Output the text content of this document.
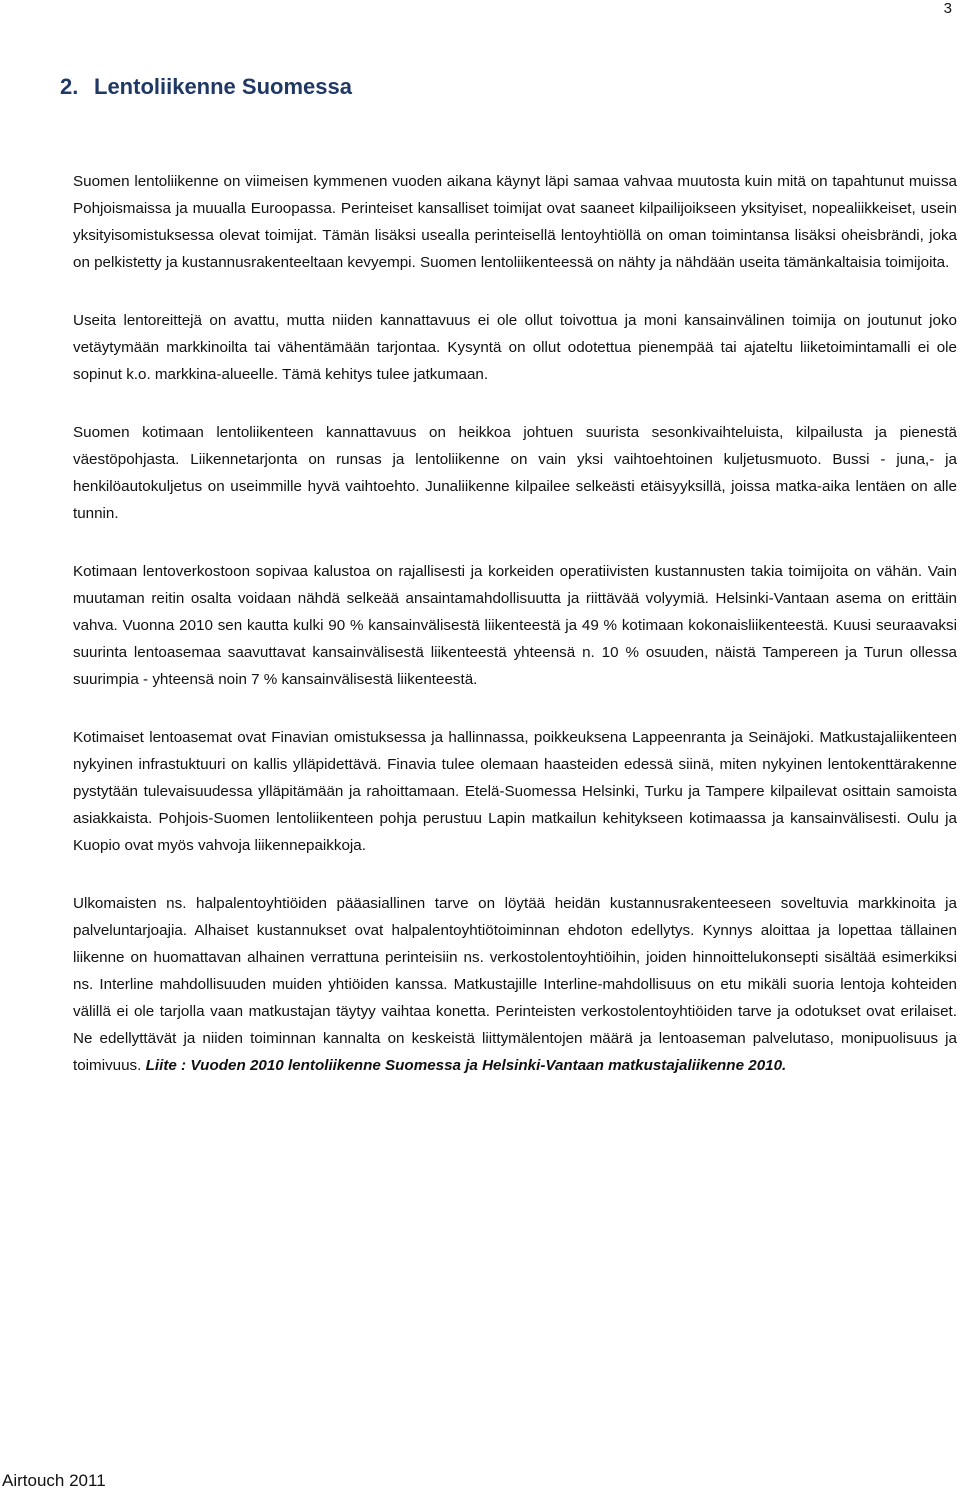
3
2. Lentoliikenne Suomessa

Suomen lentoliikenne on viimeisen kymmenen vuoden aikana käynyt läpi samaa vahvaa muutosta kuin mitä on tapahtunut muissa Pohjoismaissa ja muualla Euroopassa. Perinteiset kansalliset toimijat ovat saaneet kilpailijoikseen yksityiset, nopealiikkeiset, usein yksityisomistuksessa olevat toimijat. Tämän lisäksi usealla perinteisellä lentoyhtiöllä on oman toimintansa lisäksi oheisbrändi, joka on pelkistetty ja kustannusrakenteeltaan kevyempi. Suomen lentoliikenteessä on nähty ja nähdään useita tämänkaltaisia toimijoita.

Useita lentoreittejä on avattu, mutta niiden kannattavuus ei ole ollut toivottua ja moni kansainvälinen toimija on joutunut joko vetäytymään markkinoilta tai vähentämään tarjontaa. Kysyntä on ollut odotettua pienempää tai ajateltu liiketoimintamalli ei ole sopinut k.o. markkina-alueelle. Tämä kehitys tulee jatkumaan.

Suomen kotimaan lentoliikenteen kannattavuus on heikkoa johtuen suurista sesonkivaihteluista, kilpailusta ja pienestä väestöpohjasta. Liikennetarjonta on runsas ja lentoliikenne on vain yksi vaihtoehtoinen kuljetusmuoto. Bussi - juna,- ja henkilöautokuljetus on useimmille hyvä vaihtoehto. Junaliikenne kilpailee selkeästi etäisyyksillä, joissa matka-aika lentäen on alle tunnin.

Kotimaan lentoverkostoon sopivaa kalustoa on rajallisesti ja korkeiden operatiivisten kustannusten takia toimijoita on vähän. Vain muutaman reitin osalta voidaan nähdä selkeää ansaintamahdollisuutta ja riittävää volyymiä. Helsinki-Vantaan asema on erittäin vahva. Vuonna 2010 sen kautta kulki 90 % kansainvälisestä liikenteestä ja 49 % kotimaan kokonaisliikenteestä. Kuusi seuraavaksi suurinta lentoasemaa saavuttavat kansainvälisestä liikenteestä yhteensä n. 10 % osuuden, näistä Tampereen ja Turun ollessa suurimpia - yhteensä noin 7 % kansainvälisestä liikenteestä.

Kotimaiset lentoasemat ovat Finavian omistuksessa ja hallinnassa, poikkeuksena Lappeenranta ja Seinäjoki. Matkustajaliikenteen nykyinen infrastuktuuri on kallis ylläpidettävä. Finavia tulee olemaan haasteiden edessä siinä, miten nykyinen lentokenttärakenne pystytään tulevaisuudessa ylläpitämään ja rahoittamaan. Etelä-Suomessa Helsinki, Turku ja Tampere kilpailevat osittain samoista asiakkaista. Pohjois-Suomen lentoliikenteen pohja perustuu Lapin matkailun kehitykseen kotimaassa ja kansainvälisesti. Oulu ja Kuopio ovat myös vahvoja liikennepaikkoja.

Ulkomaisten ns. halpalentoyhtiöiden pääasiallinen tarve on löytää heidän kustannusrakenteeseen soveltuvia markkinoita ja palveluntarjoajia. Alhaiset kustannukset ovat halpalentoyhtiötoiminnan ehdoton edellytys. Kynnys aloittaa ja lopettaa tällainen liikenne on huomattavan alhainen verrattuna perinteisiin ns. verkostolentoyhtiöihin, joiden hinnoittelukonsepti sisältää esimerkiksi ns. Interline mahdollisuuden muiden yhtiöiden kanssa. Matkustajille Interline-mahdollisuus on etu mikäli suoria lentoja kohteiden välillä ei ole tarjolla vaan matkustajan täytyy vaihtaa konetta. Perinteisten verkostolentoyhtiöiden tarve ja odotukset ovat erilaiset. Ne edellyttävät ja niiden toiminnan kannalta on keskeistä liittymälentojen määrä ja lentoaseman palvelutaso, monipuolisuus ja toimivuus. Liite : Vuoden 2010 lentoliikenne Suomessa ja Helsinki-Vantaan matkustajaliikenne 2010.

Airtouch 2011
